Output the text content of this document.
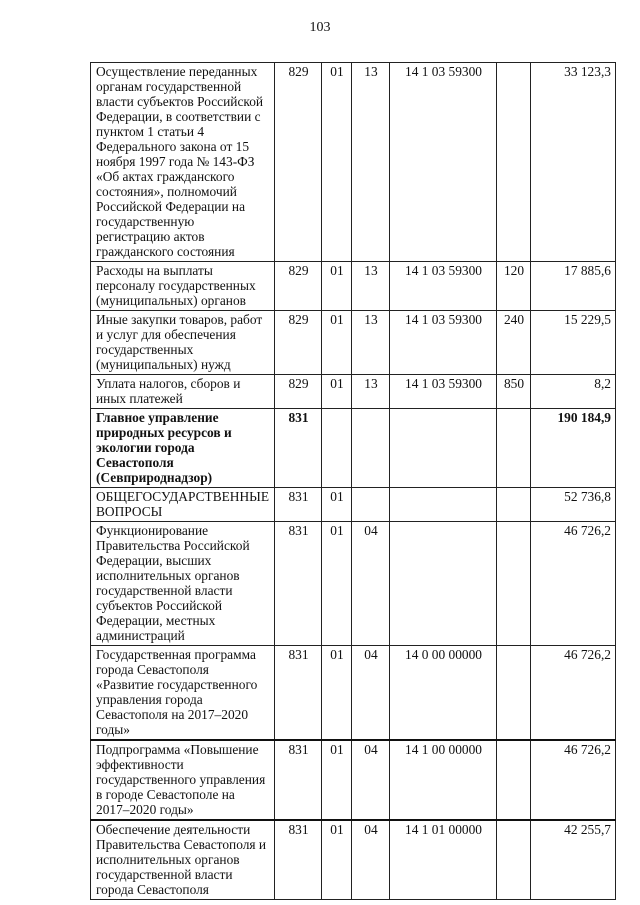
103
Осуществление переданных органам государственной власти субъектов Российской Федерации, в соответствии с пунктом 1 статьи 4 Федерального закона от 15 ноября 1997 года № 143-ФЗ «Об актах гражданского состояния», полномочий Российской Федерации на государственную регистрацию актов гражданского состояния	829	01	13	14 1 03 59300		33 123,3
Расходы на выплаты персоналу государственных (муниципальных) органов	829	01	13	14 1 03 59300	120	17 885,6
Иные закупки товаров, работ и услуг для обеспечения государственных (муниципальных) нужд	829	01	13	14 1 03 59300	240	15 229,5
Уплата налогов, сборов и иных платежей	829	01	13	14 1 03 59300	850	8,2
Главное управление природных ресурсов и экологии города Севастополя (Севприроднадзор)	831					190 184,9
ОБЩЕГОСУДАРСТВЕННЫЕ ВОПРОСЫ	831	01				52 736,8
Функционирование Правительства Российской Федерации, высших исполнительных органов государственной власти субъектов Российской Федерации, местных администраций	831	01	04			46 726,2
Государственная программа города Севастополя «Развитие государственного управления города Севастополя на 2017–2020 годы»	831	01	04	14 0 00 00000		46 726,2
Подпрограмма «Повышение эффективности государственного управления в городе Севастополе на 2017–2020 годы»	831	01	04	14 1 00 00000		46 726,2
Обеспечение деятельности Правительства Севастополя и исполнительных органов государственной власти города Севастополя	831	01	04	14 1 01 00000		42 255,7
